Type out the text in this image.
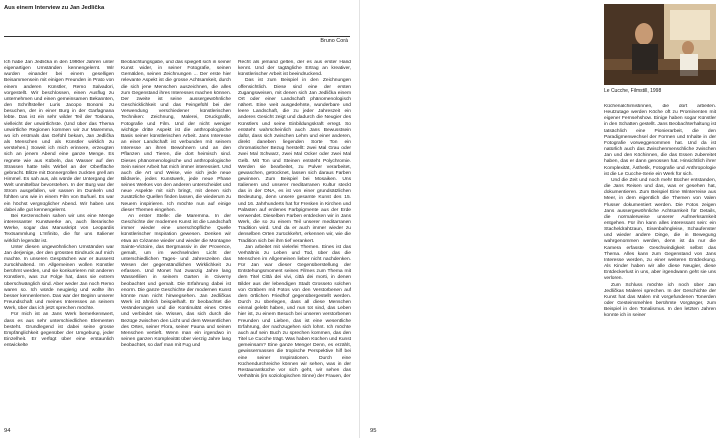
Aus einem Interview zu Jan Jedlička
Bruno Corà

Ich habe Jan Jedlička in den 1990er Jahren unter eigenartigen Umständen kennengelernt. Wir wurden einander bei einem geselligen Beisammensein mit einigen Freunden in Prato von einem anderen Künstler, Remo Salvadori, vorgestellt. Wir beschlossen, einen Ausflug zu unternehmen und einen gemeinsamen Bekannten, den Schriftsteller Luris Jacopo Bonomi zu besuchen, der in einer Burg in der Garfagnana lebte. Das ist ein sehr wilder Teil der Toskana, vielleicht der unwirtlichste. (Und über das Thema unwirtliche Regionen kommen wir zur Maremma, wo ich erstmals das Gefühl bekam, Jan Jedlička als Menschen und als Künstler wirklich zu verstehen.) Soweit ich mich erinnere, erzeugten sich an jenem Abend eine ganze Menge. Es regnete wie aus Kübeln, das Wasser auf den Strassen hatte teils Wirbel an der Oberfläche gebracht. Blitze mit Donnergrollen zuckten grell am Himmel. Es sah aus, als würde der Untergang der Welt unmittelbar bevorstehen. In der Burg war der Strom ausgefallen, wir sassen im Dunkeln und fühlten uns wie in einem Film von Buñuel. Es war ein höchst vergnüglicher Abend. Wir haben uns dabei alle gut kennengelernt.

Bei Kerzenschein sahen wir uns eine Menge interessanter Kunstwerke an, auch literarische Werke, sogar das Manuskript von Leopardis Textsammlung L'Infinito, die für uns Italiener wirklich legendär ist.

Unter diesen ungewöhnlichen Umständen war Jan derjenige, der den grössten Eindruck auf mich machte. In unseren Gesprächen war er äusserst zurückhaltend. Im Allgemeinen wollen Künstler berühmt werden, und sie konkurrieren mit anderen Künstlern, was zur Folge hat, dass sie extrem überschwänglich sind. Aber weder Jan noch Remo waren so. Ich würde neugierig und wollte ihn besser kennenlernen. Das war der Beginn unserer Freundschaft und meines Interesses an seinem Werk, über das ich jetzt sprechen möchte.

Für mich ist an Jans Werk bemerkenswert, dass es aus sehr unterschiedlichen Elementen besteht. Grundlegend ist dabei seine grosse Empfänglichkeit gegenüber der Umgebung, jeder Einzelheit. Er verfügt über eine erstaunlich entwickelte

Beobachtungsgabe, und das spiegelt sich in seiner Kunst wider, in seiner Fotografie, seinen Gemälden, seinen Zeichnungen ... Der erste hier relevante Aspekt ist die grosse Achtsamkeit, durch die sich jene Menschen auszeichnen, die alles zum Gegenstand ihres Interesses machen können. Der zweite ist seine aussergewöhnliche Geschicklichkeit und das Feingefühl bei der Verwendung verschiedener künstlerischen Techniken: Zeichnung, Malerei, Druckgrafik, Fotografie und Film. Und der nicht weniger wichtige dritte Aspekt ist die anthropologische Basis seiner künstlerischen Arbeit. Jans Interesse an einer Landschaft ist verbunden mit seinem Interesse an ihren Bewohnern und an den Pflanzen und Tieren, die dort heimisch sind. Dieses phänomenologische und anthropologische Sein seiner Arbeit hat mich immer interessiert. Und auch die Art und Weise, wie sich jede neue Bildserie, jedes Kunstwerk, jede neue Phase seines Werkes von den anderen unterscheidet und neue Aspekte mit sich bringt, mit denen sich zusätzliche Quellen finden lassen, die wiederum zu Neuem inspirieren. Ich möchte nun auf einige dieser Themen eingehen.

An erster Stelle: die Maremma. In der Geschichte der modernen Kunst ist die Landschaft immer wieder eine unerschöpfliche Quelle künstlerischer Inspiration gewesen. Denken wir etwa an Cézanne wieder und wieder die Montagne Sainte-Victoire, das Bergmassiv in der Provence, gemalt, um im wechselnden Licht der unterschiedlichen Tages- und Jahreszeiten das Wesen der gegenständlichen Wirklichkeit zu erfassen. Und Monet hat zwanzig Jahre lang Wasserlilien in seinem Garten in Giverny beobachtet und gemalt. Die Erfahrung dabei ist enorm. Die ganze Geschichte der modernen Kunst könnte man nicht hinwegsehen. Jan Jedličkas Werk ist ähnlich beispielhaft. Er beobachtet die Veränderungen und die Kontinuität eines Ortes und verbindet sie. Wissen, das sich durch die Bezüge zwischen den Licht und dem Wesentlichen des Ortes, seiner Flora, seiner Fauna und seinen Menschen vertieft. Wenn man ein irgendwo in seinen ganzen Komplexität über vierzig Jahre lang beobachtet, so darf man mit Fug und

Recht als jemand gelten, der es aus erster Hand kennt. Und der tagtägliche Ertrag an kreativer, künstlerischer Arbeit ist beeindruckend.

Das ist zum Beispiel in den Zeichnungen offensichtlich. Diese sind eine der ersten Zugangsweisen, mit denen sich Jan Jedlička einem Ort oder einer Landschaft phänomenologisch nähert. Eine weit ausgedehnte, wunderbare und leere Landschaft, die zu jeder Jahreszeit ein anderes Gesicht zeigt und dadurch die Neugier des Künstlers und seine Einbildungskraft erregt. So entsteht wahrscheinlich auch Jans Bewusstsein dafür, dass sich zwischen Lehm und einer anderen, direkt daneben liegenden Sorte Ton ein chromatischer Bezug herstellt: zwei Mal Grau oder zwei Mal Schwarz, zwei Mal Ocker oder zwei Mal Gelb. Mit Ton und Steinen entsteht Polychromie. Werden sie bearbeitet, zu Pulver verarbeitet, gewaschen, getrocknet, lassen sich daraus Farben gewinnen. Zum Beispiel bei Mosaiken. Uns Italienern und unserer meditarranen Kultur steckt das in der DNA, es ist von einer grundsätzlichen Bedeutung, denn unsere gesamte Kunst des 15. und 16. Jahrhunderts hat für Fresken in Kirchen und Palästen auf erdenes Farbpigmente aus der Erde verwendet. Dieselben Farben entdecken wir in Jans Werk, die so zu einem Teil unserer meditarranen Tradition wird. Und da er auch immer wieder zu denselben Orten zurückkehrt, erkennen wir, wie die Tradition sich bei ihm tief verankert.

Jan arbeitet mit vielerlei Themen. Eines ist das Verhältnis zu Leben und Tod, über das die Menschen im Allgemeinen lieber nicht nachdenken. Für Jan war dieser Gegenüberstellung der Entstehungsmoment seines Filmes zum Thema mit dem Titel Città dei vivi, città dei morti, in denen Bilder aus der lebendigen Stadt Grosseto solchen von Gräbern mit Fotos von den Verstorbenen auf dem örtlichen Friedhof gegenübergestellt werden. Durch zu überlegen, dass all diese Menschen einmal gelebt haben, und nun tot sind, das Leben hier ist, zu einem Besuch bei unseren verstorbenen Freunden und Lieben, das ist eine wesentliche Erfahrung, der nachzugehen sich lohnt. Ich möchte auch auf sein Buch zu sprechen kommen, das den Titel Le Cucche trägt. Was haben Küchen und Kunst gemeinsam? Eine ganze Menge! Denn, es erzählt, gewissermassen die tropische Perspektive hilf bei eine seiner Inspirationen. Durch eine Küchendurchreiche können wir sehen, was in der Restaurantküche vor sich geht, wir sehen das Verhältnis (im soziologischen Sinne) der Frauen, der

94

Le Cucche, Filmstill, 1998

Küchenalchimistinnen, die dort arbeiten. Heutzutage werden Köche oft zu Prominenten mit eigener Fernsehshow. Einige haben sogar Künstler in den Schatten gestellt. Jans Beobachterhaltung ist tatsächlich eine Pionierarbeit, die den Paradigmenwechsel der Formen und Inhalte in der Fotografie vorweggenommen hat. Und da ist natürlich auch das Zwischenmenschliche zwischen Jan und den Köchinnen, die das Essen zubereitet haben, das er dann genossen hat. Hinsichtlich ihrer Komplexität, Ästhetik, Fotografie und Anthropologie ist die Le Cucche-Serie ein Werk für sich.

Und die Zeit und noch mehr Bücher entstanden, die Jans Reisen und das, was er gesehen hat, dokumentieren. Zum Beispiel Eine Winterreise aus Meer, in dem eigentlich die Themen von Valen Flusser dokumentiert werden. Die Fotos zeigen Jans aussergewöhnliche Achtsamkeit für Details, die normalerweise unserer Aufmerksamkeit entgehen. Für ihn kann alles interessant sein: ein Stacheldrahtzaun, Eisenbahngleise, Schaufenster und wieder andere Dinge, die in Bewegung wahrgenommen werden, denn ist da nur die Kamera erfasste Geschwindigkeit selbst das Thema. Alles kann zum Gegenstand von Jans Interesse werden, zu einer weiteren Entdeckung. Als Kinder haben wir alle diese Neugier, diese Entdeckerlust in uns, aber irgendwann geht sie uns verloren.

Zum Schluss möchte ich noch über Jan Jedličkas Malerei sprechen. In der Geschichte der Kunst hat das Malen mit vorgefundenen Tonerden oder Gesteinsmehlen berühmte Vorgänger, zum Beispiel in den Tonalismus. In den letzten Jahren konnte ich in seiner

95
